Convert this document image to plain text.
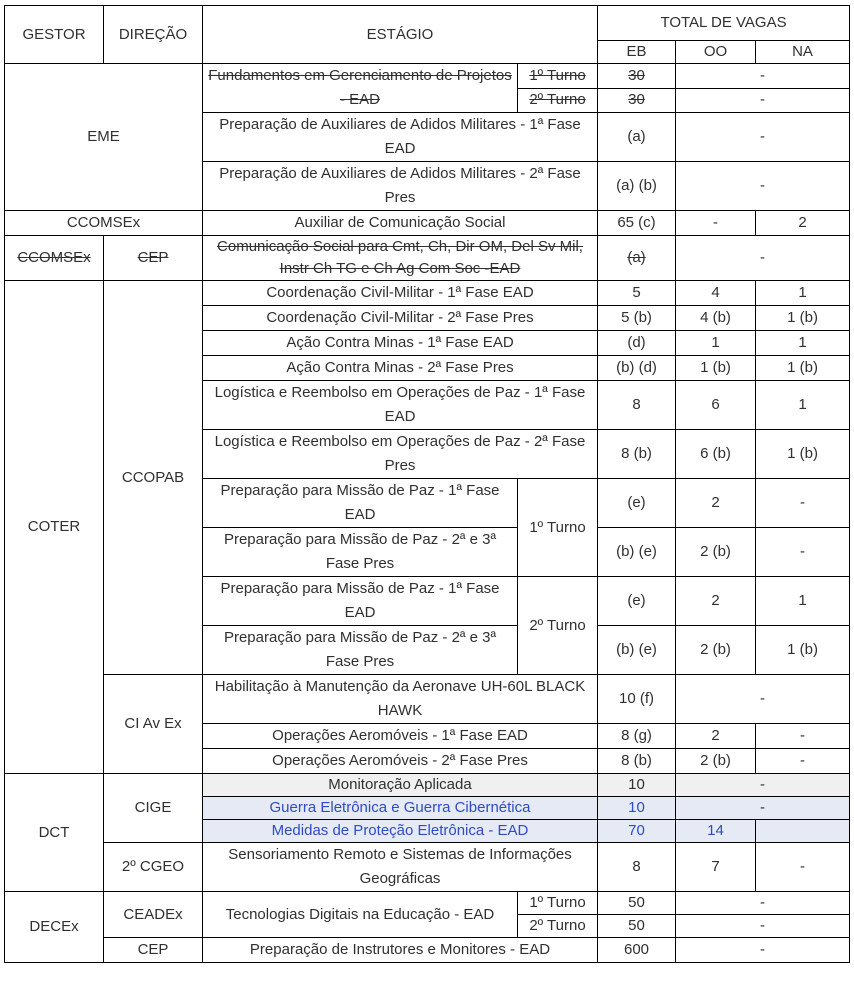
GESTOR	DIREÇÃO	ESTÁGIO		TOTAL DE VAGAS		
				EB	OO	NA
EME		Fundamentos em Gerenciamento de Projetos - EAD	1º Turno	30	-	
			2º Turno	30	-	
		Preparação de Auxiliares de Adidos Militares - 1ª Fase EAD		(a)	-	
		Preparação de Auxiliares de Adidos Militares - 2ª Fase Pres		(a) (b)	-	
CCOMSEx		Auxiliar de Comunicação Social		65 (c)	-	2
CCOMSEx	CEP	Comunicação Social para Cmt, Ch, Dir OM, Del Sv Mil, Instr Ch TG e Ch Ag Com Soc -EAD		(a)	-	
COTER	CCOPAB	Coordenação Civil-Militar - 1ª Fase EAD		5	4	1
		Coordenação Civil-Militar - 2ª Fase Pres		5 (b)	4 (b)	1 (b)
		Ação Contra Minas - 1ª Fase EAD		(d)	1	1
		Ação Contra Minas - 2ª Fase Pres		(b) (d)	1 (b)	1 (b)
		Logística e Reembolso em Operações de Paz - 1ª Fase EAD		8	6	1
		Logística e Reembolso em Operações de Paz - 2ª Fase Pres		8 (b)	6 (b)	1 (b)
		Preparação para Missão de Paz - 1ª Fase EAD	1º Turno	(e)	2	-
		Preparação para Missão de Paz - 2ª e 3ª Fase Pres		(b) (e)	2 (b)	-
		Preparação para Missão de Paz - 1ª Fase EAD	2º Turno	(e)	2	1
		Preparação para Missão de Paz - 2ª e 3ª Fase Pres		(b) (e)	2 (b)	1 (b)
	CI Av Ex	Habilitação à Manutenção da Aeronave UH-60L BLACK HAWK		10 (f)	-	
		Operações Aeromóveis - 1ª Fase EAD		8 (g)	2	-
		Operações Aeromóveis - 2ª Fase Pres		8 (b)	2 (b)	-
DCT	CIGE	Monitoração Aplicada		10	-	
		Guerra Eletrônica e Guerra Cibernética		10	-	
		Medidas de Proteção Eletrônica - EAD		70	14	
	2º CGEO	Sensoriamento Remoto e Sistemas de Informações Geográficas		8	7	-
DECEx	CEADEx	Tecnologias Digitais na Educação - EAD	1º Turno	50	-	
			2º Turno	50	-	
	CEP	Preparação de Instrutores e Monitores - EAD		600	-	
